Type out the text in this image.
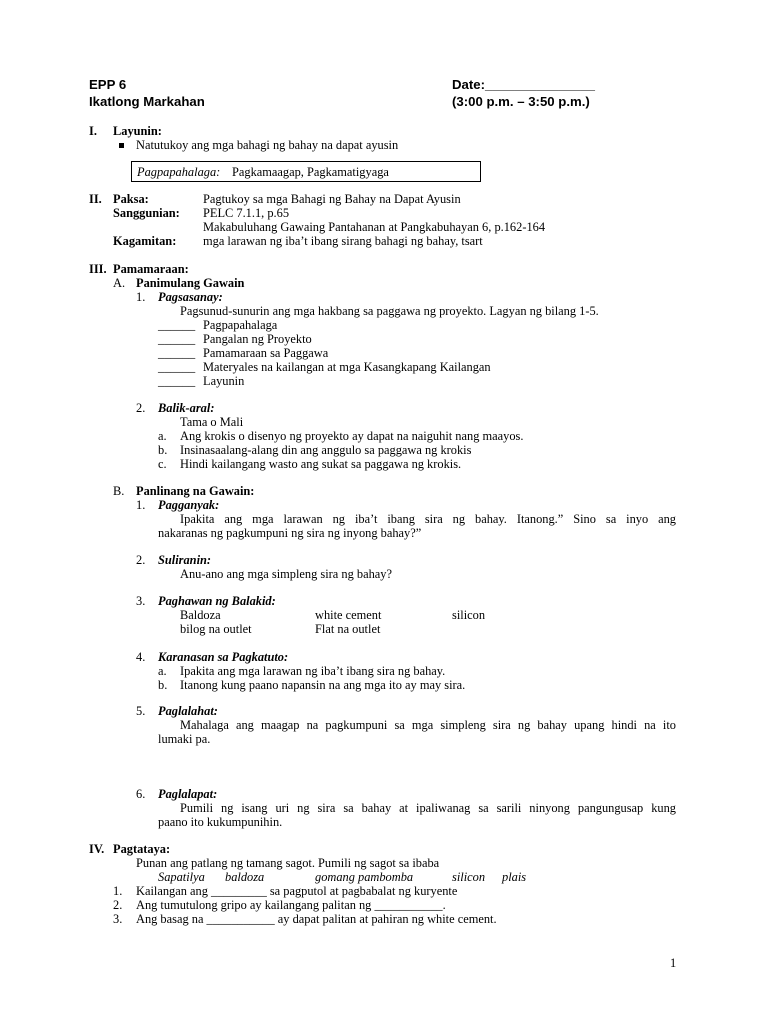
EPP 6
Ikatlong Markahan
Date:_______________
(3:00 p.m. – 3:50 p.m.)
I. Layunin:
Natutukoy ang mga bahagi ng bahay na dapat ayusin
Pagpapahalaga: Pagkamaagap, Pagkamatigyaga
II. Paksa:	Pagtukoy sa mga Bahagi ng Bahay na Dapat Ayusin
Sanggunian: PELC 7.1.1, p.65
Makabuluhang Gawaing Pantahanan at Pangkabuhayan 6, p.162-164
Kagamitan: mga larawan ng iba’t ibang sirang bahagi ng bahay, tsart
III. Pamamaraan:
A. Panimulang Gawain
1. Pagsasanay:
Pagsunud-sunurin ang mga hakbang sa paggawa ng proyekto. Lagyan ng bilang 1-5.
______ Pagpapahalaga
______ Pangalan ng Proyekto
______ Pamamaraan sa Paggawa
______ Materyales na kailangan at mga Kasangkapang Kailangan
______ Layunin
2. Balik-aral:
Tama o Mali
a. Ang krokis o disenyo ng proyekto ay dapat na naiguhit nang maayos.
b. Insinasaalang-alang din ang anggulo sa paggawa ng krokis
c. Hindi kailangang wasto ang sukat sa paggawa ng krokis.
B. Panlinang na Gawain:
1. Pagganyak:
Ipakita ang mga larawan ng iba’t ibang sira ng bahay. Itanong.” Sino sa inyo ang
nakaranas ng pagkumpuni ng sira ng inyong bahay?”
2. Suliranin:
Anu-ano ang mga simpleng sira ng bahay?
3. Paghawan ng Balakid:
Baldoza	white cement	silicon
bilog na outlet	Flat na outlet
4. Karanasan sa Pagkatuto:
a. Ipakita ang mga larawan ng iba’t ibang sira ng bahay.
b. Itanong kung paano napansin na ang mga ito ay may sira.
5. Paglalahat:
Mahalaga ang maagap na pagkumpuni sa mga simpleng sira ng bahay upang hindi na ito
lumaki pa.
6. Paglalapat:
Pumili ng isang uri ng sira sa bahay at ipaliwanag sa sarili ninyong pangungusap kung
paano ito kukumpunihin.
IV. Pagtataya:
Punan ang patlang ng tamang sagot. Pumili ng sagot sa ibaba
Sapatilya baldoza	gomang pambomba	silicon plais
1. Kailangan ang _________ sa pagputol at pagbabalat ng kuryente
2. Ang tumutulong gripo ay kailangang palitan ng ___________.
3. Ang basag na ___________ ay dapat palitan at pahiran ng white cement.
1
